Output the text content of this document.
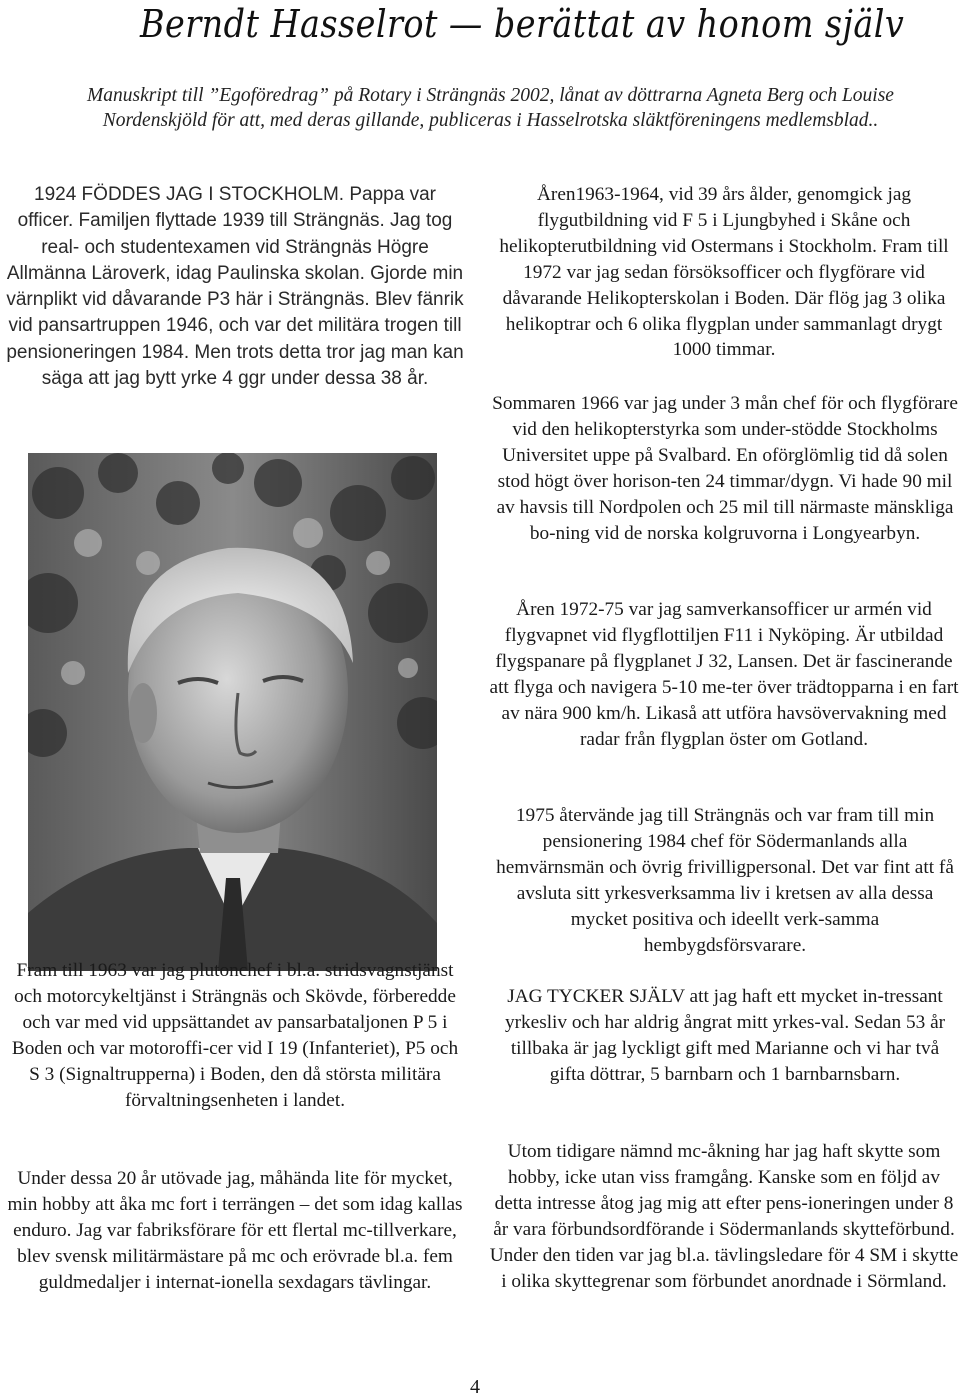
Berndt Hasselrot — berättat av honom själv

Manuskript till ”Egoföredrag” på Rotary i Strängnäs 2002, lånat av döttrarna Agneta Berg och Louise Nordenskjöld för att, med deras gillande, publiceras i Hasselrotska släktföreningens medlemsblad..

1924 FÖDDES JAG I STOCKHOLM. Pappa var officer. Familjen flyttade 1939 till Strängnäs. Jag tog real- och studentexamen vid Strängnäs Högre Allmänna Läroverk, idag Paulinska skolan. Gjorde min värnplikt vid dåvarande P3 här i Strängnäs. Blev fänrik vid pansartruppen 1946, och var det militära trogen till pensioneringen 1984. Men trots detta tror jag man kan säga att jag bytt yrke 4 ggr under dessa 38 år.

Fram till 1963 var jag plutonchef i bl.a. stridsvagnstjänst och motorcykeltjänst i Strängnäs och Skövde, förberedde och var med vid uppsättandet av pansarbataljonen P 5 i Boden och var motoroffi-cer vid I 19 (Infanteriet), P5 och S 3 (Signaltrupperna) i Boden, den då största militära förvaltningsenheten i landet.

Under dessa 20 år utövade jag, måhända lite för mycket, min hobby att åka mc fort i terrängen – det som idag kallas enduro. Jag var fabriksförare för ett flertal mc-tillverkare, blev svensk militärmästare på mc och erövrade bl.a. fem guldmedaljer i internat-ionella sexdagars tävlingar.

Åren1963-1964, vid 39 års ålder, genomgick jag flygutbildning vid F 5 i Ljungbyhed i Skåne och helikopterutbildning vid Ostermans i Stockholm. Fram till 1972 var jag sedan försöksofficer och flygförare vid dåvarande Helikopterskolan i Boden. Där flög jag 3 olika helikoptrar och 6 olika flygplan under sammanlagt drygt 1000 timmar.

Sommaren 1966 var jag under 3 mån chef för och flygförare vid den helikopterstyrka som under-stödde Stockholms Universitet uppe på Svalbard. En oförglömlig tid då solen stod högt över horison-ten 24 timmar/dygn. Vi hade 90 mil av havsis till Nordpolen och 25 mil till närmaste mänskliga bo-ning vid de norska kolgruvorna i Longyearbyn.

Åren 1972-75 var jag samverkansofficer ur armén vid flygvapnet vid flygflottiljen F11 i Nyköping. Är utbildad flygspanare på flygplanet J 32, Lansen. Det är fascinerande att flyga och navigera 5-10 me-ter över trädtopparna i en fart av nära 900 km/h. Likaså att utföra havsövervakning med radar från flygplan öster om Gotland.

1975 återvände jag till Strängnäs och var fram till min pensionering 1984 chef för Södermanlands alla hemvärnsmän och övrig frivilligpersonal. Det var fint att få avsluta sitt yrkesverksamma liv i kretsen av alla dessa mycket positiva och ideellt verk-samma hembygdsförsvarare.

JAG TYCKER SJÄLV att jag haft ett mycket in-tressant yrkesliv och har aldrig ångrat mitt yrkes-val. Sedan 53 år tillbaka är jag lyckligt gift med Marianne och vi har två gifta döttrar, 5 barnbarn och 1 barnbarnsbarn.

Utom tidigare nämnd mc-åkning har jag haft skytte som hobby, icke utan viss framgång. Kanske som en följd av detta intresse åtog jag mig att efter pens-ioneringen under 8 år vara förbundsordförande i Södermanlands skytteförbund. Under den tiden var jag bl.a. tävlingsledare för 4 SM i skytte i olika skyttegrenar som förbundet anordnade i Sörmland.

4
